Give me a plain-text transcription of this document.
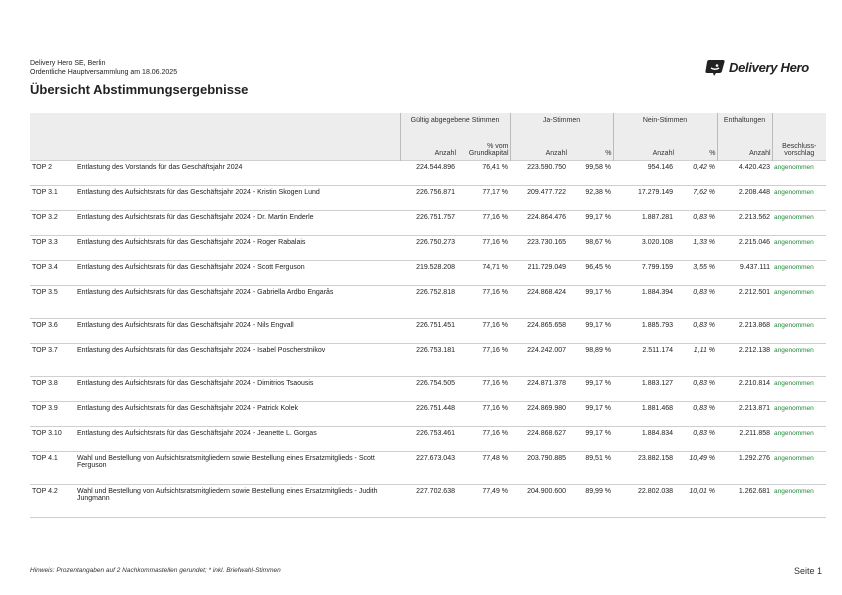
Delivery Hero SE, Berlin
Ordentliche Hauptversammlung am 18.06.2025	Delivery Hero
Übersicht Abstimmungsergebnisse
		Gültig abgegebene Stimmen		Ja-Stimmen		Nein-Stimmen		Enthaltungen	
		Anzahl	% vom Grundkapital	Anzahl	%	Anzahl	%	Anzahl	Beschluss-vorschlag
TOP 2	Entlastung des Vorstands für das Geschäftsjahr 2024	224.544.896	76,41 %	223.590.750	99,58 %	954.146	0,42 %	4.420.423	angenommen
TOP 3.1	Entlastung des Aufsichtsrats für das Geschäftsjahr 2024 - Kristin Skogen Lund	226.756.871	77,17 %	209.477.722	92,38 %	17.279.149	7,62 %	2.208.448	angenommen
TOP 3.2	Entlastung des Aufsichtsrats für das Geschäftsjahr 2024 - Dr. Martin Enderle	226.751.757	77,16 %	224.864.476	99,17 %	1.887.281	0,83 %	2.213.562	angenommen
TOP 3.3	Entlastung des Aufsichtsrats für das Geschäftsjahr 2024 - Roger Rabalais	226.750.273	77,16 %	223.730.165	98,67 %	3.020.108	1,33 %	2.215.046	angenommen
TOP 3.4	Entlastung des Aufsichtsrats für das Geschäftsjahr 2024 - Scott Ferguson	219.528.208	74,71 %	211.729.049	96,45 %	7.799.159	3,55 %	9.437.111	angenommen
TOP 3.5	Entlastung des Aufsichtsrats für das Geschäftsjahr 2024 - Gabriella Ardbo Engarås	226.752.818	77,16 %	224.868.424	99,17 %	1.884.394	0,83 %	2.212.501	angenommen
TOP 3.6	Entlastung des Aufsichtsrats für das Geschäftsjahr 2024 - Nils Engvall	226.751.451	77,16 %	224.865.658	99,17 %	1.885.793	0,83 %	2.213.868	angenommen
TOP 3.7	Entlastung des Aufsichtsrats für das Geschäftsjahr 2024 - Isabel Poscherstnikov	226.753.181	77,16 %	224.242.007	98,89 %	2.511.174	1,11 %	2.212.138	angenommen
TOP 3.8	Entlastung des Aufsichtsrats für das Geschäftsjahr 2024 - Dimitrios Tsaousis	226.754.505	77,16 %	224.871.378	99,17 %	1.883.127	0,83 %	2.210.814	angenommen
TOP 3.9	Entlastung des Aufsichtsrats für das Geschäftsjahr 2024 - Patrick Kolek	226.751.448	77,16 %	224.869.980	99,17 %	1.881.468	0,83 %	2.213.871	angenommen
TOP 3.10	Entlastung des Aufsichtsrats für das Geschäftsjahr 2024 - Jeanette L. Gorgas	226.753.461	77,16 %	224.868.627	99,17 %	1.884.834	0,83 %	2.211.858	angenommen
TOP 4.1	Wahl und Bestellung von Aufsichtsratsmitgliedern sowie Bestellung eines Ersatzmitglieds - Scott Ferguson	227.673.043	77,48 %	203.790.885	89,51 %	23.882.158	10,49 %	1.292.276	angenommen
TOP 4.2	Wahl und Bestellung von Aufsichtsratsmitgliedern sowie Bestellung eines Ersatzmitglieds - Judith Jungmann	227.702.638	77,49 %	204.900.600	89,99 %	22.802.038	10,01 %	1.262.681	angenommen
Hinweis: Prozentangaben auf 2 Nachkommastellen gerundet; * inkl. Briefwahl-Stimmen	Seite 1
